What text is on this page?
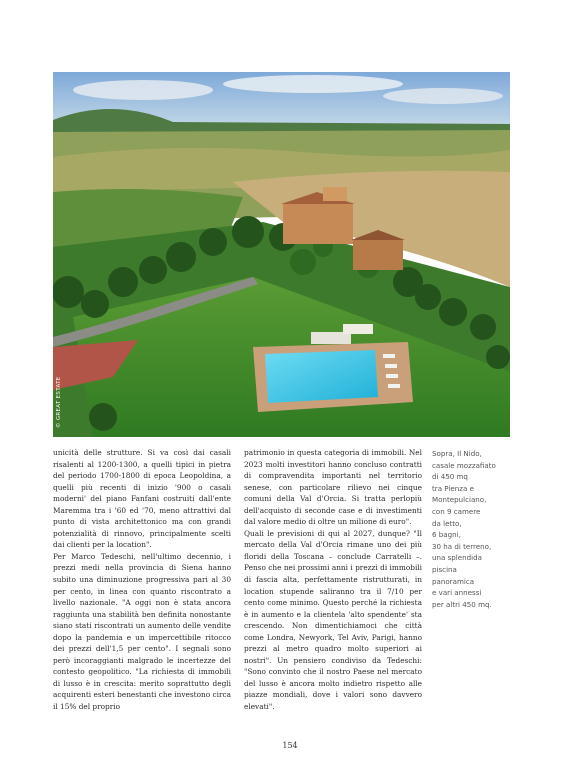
© GREAT ESTATE

unicità delle strutture. Si va così dai casali risalenti al 1200-1300, a quelli tipici in pietra del periodo 1700-1800 di epoca Leopoldina, a quelli più recenti di inizio '900 o casali moderni' del piano Fanfani costruiti dall'ente Maremma tra i '60 ed '70, meno attrattivi dal punto di vista architettonico ma con grandi potenzialità di rinnovo, principalmente scelti dai clienti per la location".

Per Marco Tedeschi, nell'ultimo decennio, i prezzi medi nella provincia di Siena hanno subito una diminuzione progressiva pari al 30 per cento, in linea con quanto riscontrato a livello nazionale. "A oggi non è stata ancora raggiunta una stabilità ben definita nonostante siano stati riscontrati un aumento delle vendite dopo la pandemia e un impercettibile ritocco dei prezzi dell'1,5 per cento". I segnali sono però incoraggianti malgrado le incertezze del contesto geopolitico. "La richiesta di immobili di lusso è in crescita: merito soprattutto degli acquirenti esteri benestanti che investono circa il 15% del proprio

patrimonio in questa categoria di immobili. Nel 2023 molti investitori hanno concluso contratti di compravendita importanti nel territorio senese, con particolare rilievo nei cinque comuni della Val d'Orcia. Si tratta perlopiù dell'acquisto di seconde case e di investimenti dal valore medio di oltre un milione di euro".

Quali le previsioni di qui al 2027, dunque? "Il mercato della Val d'Orcia rimane uno dei più floridi della Toscana – conclude Carratelli –. Penso che nei prossimi anni i prezzi di immobili di fascia alta, perfettamente ristrutturati, in location stupende saliranno tra il 7/10 per cento come minimo. Questo perché la richiesta è in aumento e la clientela 'alto spendente' sta crescendo. Non dimentichiamoci che città come Londra, Newyork, Tel Aviv, Parigi, hanno prezzi al metro quadro molto superiori ai nostri". Un pensiero condiviso da Tedeschi: "Sono convinto che il nostro Paese nel mercato del lusso è ancora molto indietro rispetto alle piazze mondiali, dove i valori sono davvero elevati".

Sopra, Il Nido,
casale mozzafiato
di 450 mq
tra Pienza e
Montepulciano,
con 9 camere
da letto,
6 bagni,
30 ha di terreno,
una splendida
piscina
panoramica
e vari annessi
per altri 450 mq.
154
